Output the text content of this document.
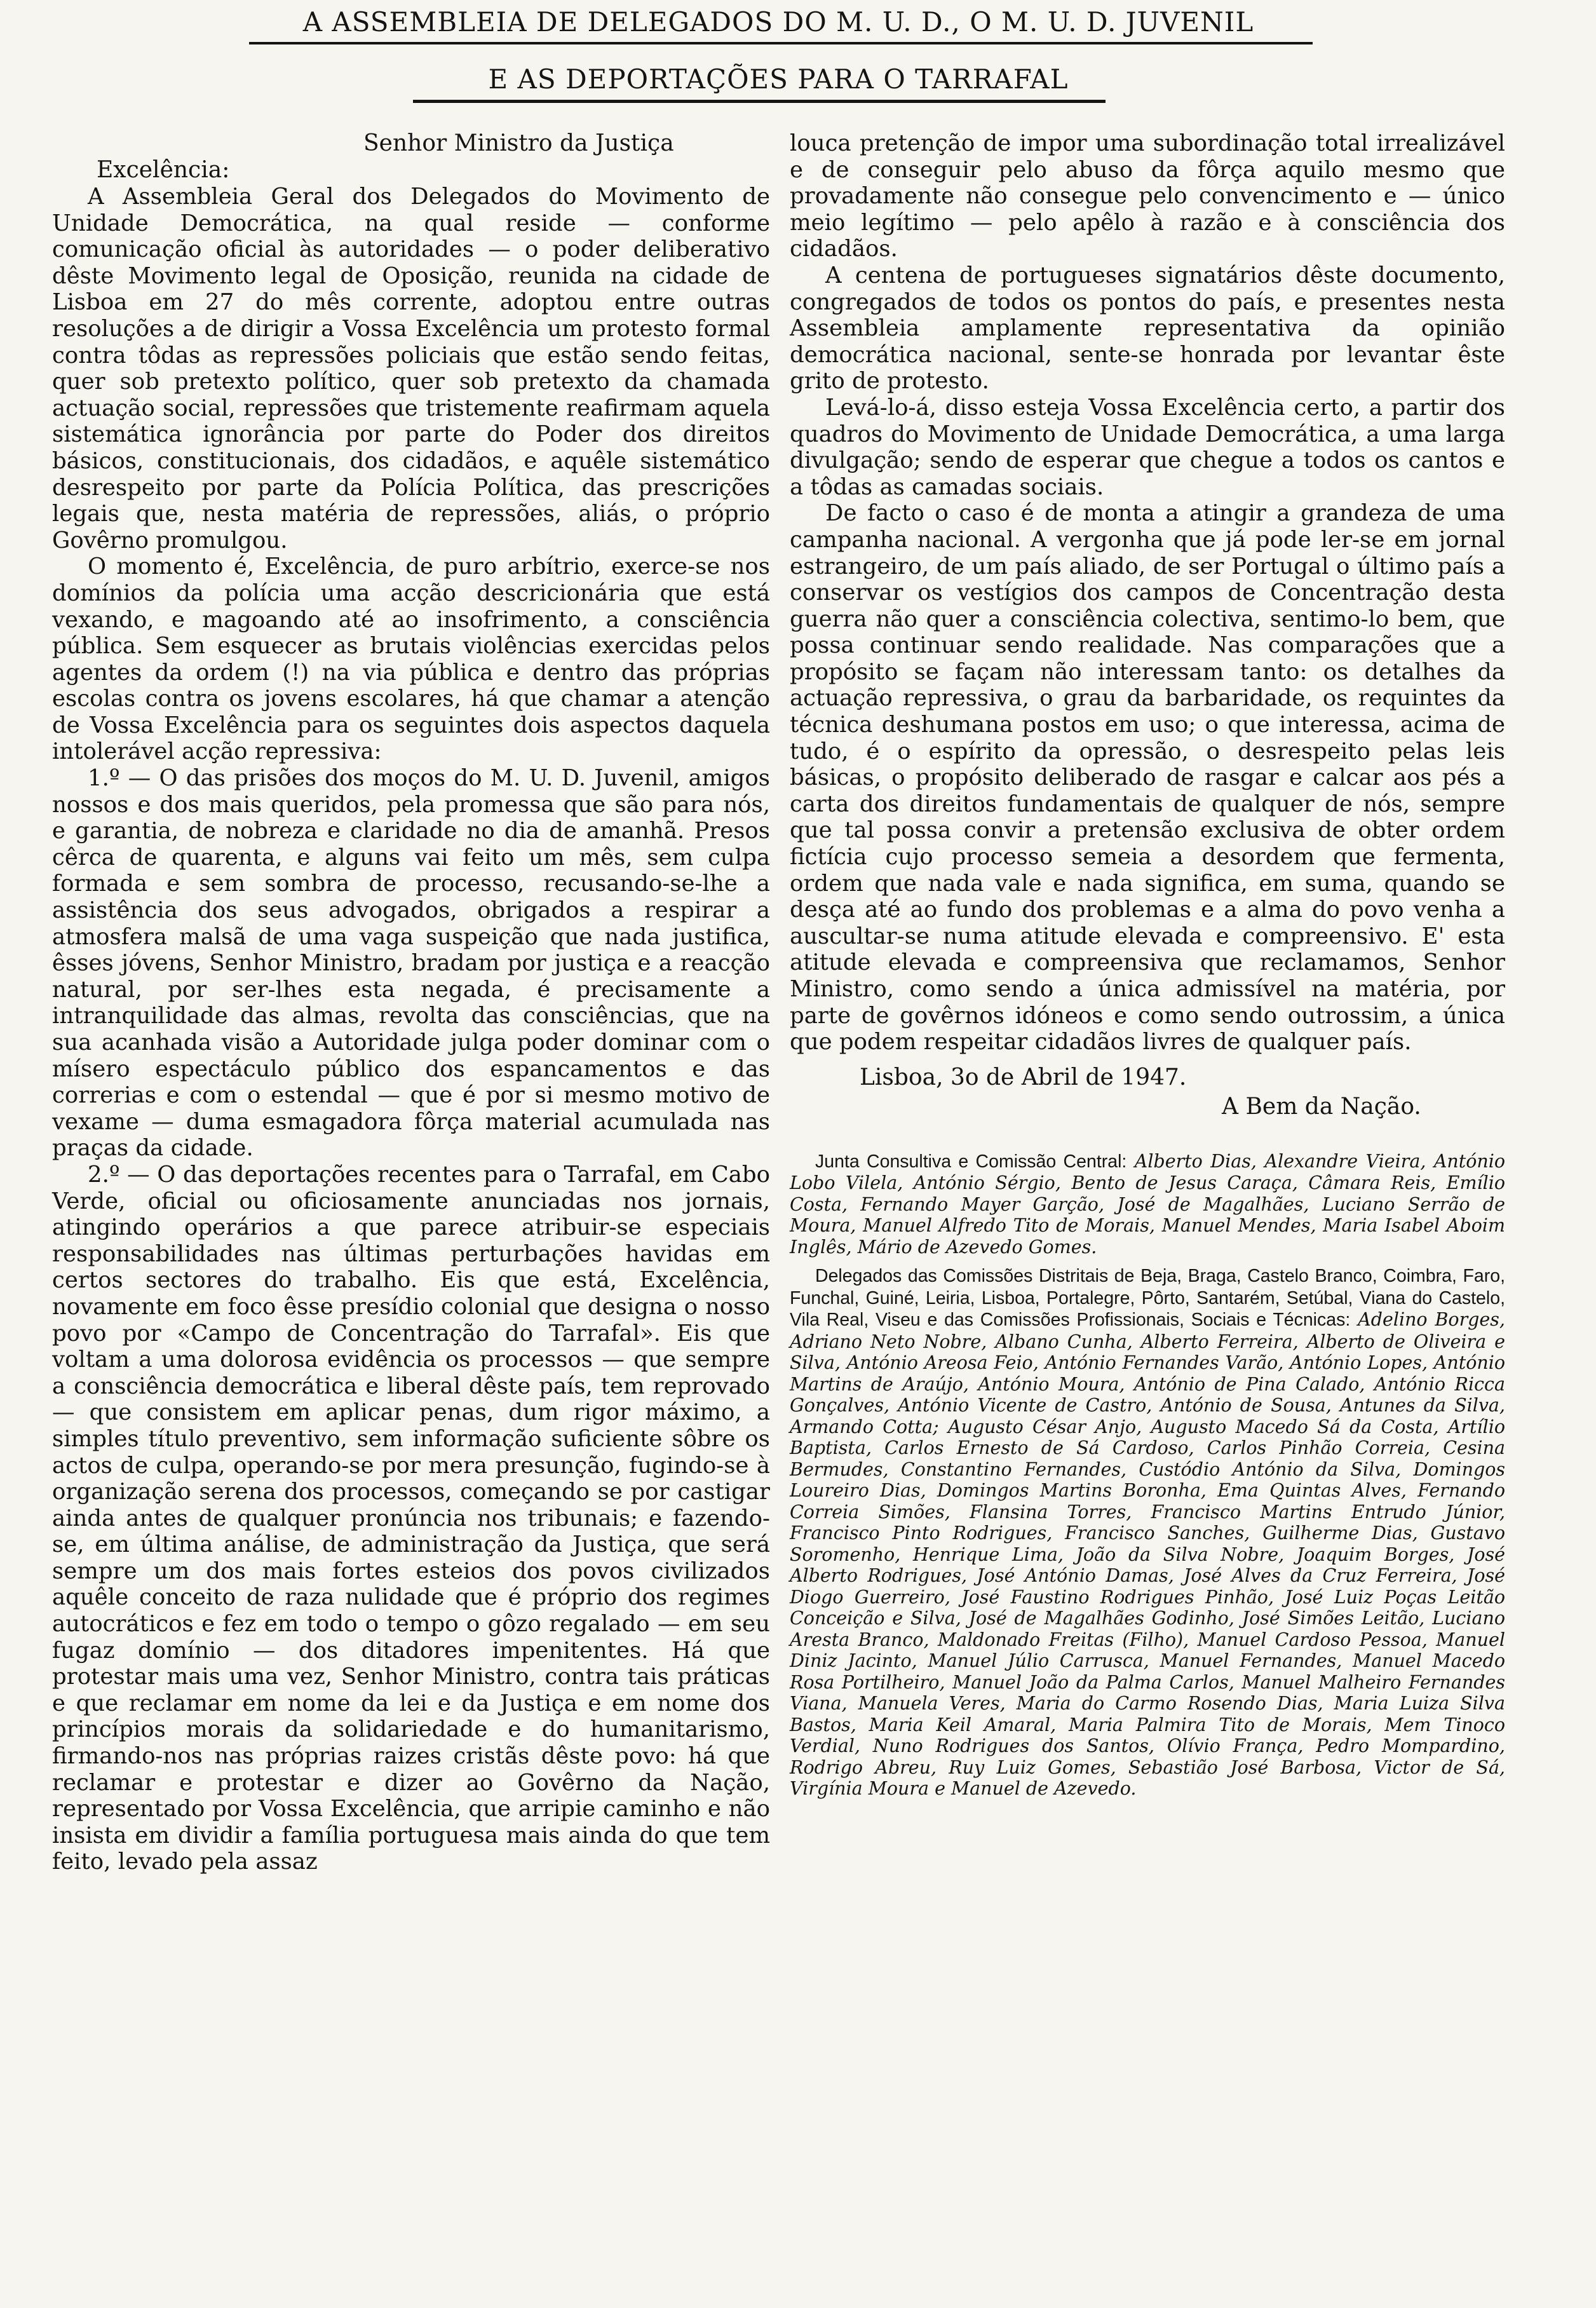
A ASSEMBLEIA DE DELEGADOS DO M. U. D., O M. U. D. JUVENIL
E AS DEPORTAÇÕES PARA O TARRAFAL
Senhor Ministro da Justiça
Excelência:

A Assembleia Geral dos Delegados do Movimento de Unidade Democrática, na qual reside — conforme comunicação oficial às autoridades — o poder deliberativo dêste Movimento legal de Oposição, reunida na cidade de Lisboa em 27 do mês corrente, adoptou entre outras resoluções a de dirigir a Vossa Excelência um protesto formal contra tôdas as repressões policiais que estão sendo feitas, quer sob pretexto político, quer sob pretexto da chamada actuação social, repressões que tristemente reafirmam aquela sistemática ignorância por parte do Poder dos direitos básicos, constitucionais, dos cidadãos, e aquêle sistemático desrespeito por parte da Polícia Política, das prescrições legais que, nesta matéria de repressões, aliás, o próprio Govêrno promulgou.

O momento é, Excelência, de puro arbítrio, exerce-se nos domínios da polícia uma acção descricionária que está vexando, e magoando até ao insofrimento, a consciência pública. Sem esquecer as brutais violências exercidas pelos agentes da ordem (!) na via pública e dentro das próprias escolas contra os jovens escolares, há que chamar a atenção de Vossa Excelência para os seguintes dois aspectos daquela intolerável acção repressiva:

1.º — O das prisões dos moços do M. U. D. Juvenil, amigos nossos e dos mais queridos, pela promessa que são para nós, e garantia, de nobreza e claridade no dia de amanhã. Presos cêrca de quarenta, e alguns vai feito um mês, sem culpa formada e sem sombra de processo, recusando-se-lhe a assistência dos seus advogados, obrigados a respirar a atmosfera malsã de uma vaga suspeição que nada justifica, êsses jóvens, Senhor Ministro, bradam por justiça e a reacção natural, por ser-lhes esta negada, é precisamente a intranquilidade das almas, revolta das consciências, que na sua acanhada visão a Autoridade julga poder dominar com o mísero espectáculo público dos espancamentos e das correrias e com o estendal — que é por si mesmo motivo de vexame — duma esmagadora fôrça material acumulada nas praças da cidade.

2.º — O das deportações recentes para o Tarrafal, em Cabo Verde, oficial ou oficiosamente anunciadas nos jornais, atingindo operários a que parece atribuir-se especiais responsabilidades nas últimas perturbações havidas em certos sectores do trabalho. Eis que está, Excelência, novamente em foco êsse presídio colonial que designa o nosso povo por «Campo de Concentração do Tarrafal». Eis que voltam a uma dolorosa evidência os processos — que sempre a consciência democrática e liberal dêste país, tem reprovado — que consistem em aplicar penas, dum rigor máximo, a simples título preventivo, sem informação suficiente sôbre os actos de culpa, operando-se por mera presunção, fugindo-se à organização serena dos processos, começando se por castigar ainda antes de qualquer pronúncia nos tribunais; e fazendo-se, em última análise, de administração da Justiça, que será sempre um dos mais fortes esteios dos povos civilizados aquêle conceito de raza nulidade que é próprio dos regimes autocráticos e fez em todo o tempo o gôzo regalado — em seu fugaz domínio — dos ditadores impenitentes. Há que protestar mais uma vez, Senhor Ministro, contra tais práticas e que reclamar em nome da lei e da Justiça e em nome dos princípios morais da solidariedade e do humanitarismo, firmando-nos nas próprias raizes cristãs dêste povo: há que reclamar e protestar e dizer ao Govêrno da Nação, representado por Vossa Excelência, que arripie caminho e não insista em dividir a família portuguesa mais ainda do que tem feito, levado pela assaz

louca pretenção de impor uma subordinação total irrealizável e de conseguir pelo abuso da fôrça aquilo mesmo que provadamente não consegue pelo convencimento e — único meio legítimo — pelo apêlo à razão e à consciência dos cidadãos.

A centena de portugueses signatários dêste documento, congregados de todos os pontos do país, e presentes nesta Assembleia amplamente representativa da opinião democrática nacional, sente-se honrada por levantar êste grito de protesto.

Levá-lo-á, disso esteja Vossa Excelência certo, a partir dos quadros do Movimento de Unidade Democrática, a uma larga divulgação; sendo de esperar que chegue a todos os cantos e a tôdas as camadas sociais.

De facto o caso é de monta a atingir a grandeza de uma campanha nacional. A vergonha que já pode ler-se em jornal estrangeiro, de um país aliado, de ser Portugal o último país a conservar os vestígios dos campos de Concentração desta guerra não quer a consciência colectiva, sentimo-lo bem, que possa continuar sendo realidade. Nas comparações que a propósito se façam não interessam tanto: os detalhes da actuação repressiva, o grau da barbaridade, os requintes da técnica deshumana postos em uso; o que interessa, acima de tudo, é o espírito da opressão, o desrespeito pelas leis básicas, o propósito deliberado de rasgar e calcar aos pés a carta dos direitos fundamentais de qualquer de nós, sempre que tal possa convir a pretensão exclusiva de obter ordem fictícia cujo processo semeia a desordem que fermenta, ordem que nada vale e nada significa, em suma, quando se desça até ao fundo dos problemas e a alma do povo venha a auscultar-se numa atitude elevada e compreensivo. E' esta atitude elevada e compreensiva que reclamamos, Senhor Ministro, como sendo a única admissível na matéria, por parte de govêrnos idóneos e como sendo outrossim, a única que podem respeitar cidadãos livres de qualquer país.

Lisboa, 3o de Abril de 1947.
A Bem da Nação.

Junta Consultiva e Comissão Central: Alberto Dias, Alexandre Vieira, António Lobo Vilela, António Sérgio, Bento de Jesus Caraça, Câmara Reis, Emílio Costa, Fernando Mayer Garção, José de Magalhães, Luciano Serrão de Moura, Manuel Alfredo Tito de Morais, Manuel Mendes, Maria Isabel Aboim Inglês, Mário de Azevedo Gomes.

Delegados das Comissões Distritais de Beja, Braga, Castelo Branco, Coimbra, Faro, Funchal, Guiné, Leiria, Lisboa, Portalegre, Pôrto, Santarém, Setúbal, Viana do Castelo, Vila Real, Viseu e das Comissões Profissionais, Sociais e Técnicas: Adelino Borges, Adriano Neto Nobre, Albano Cunha, Alberto Ferreira, Alberto de Oliveira e Silva, António Areosa Feio, António Fernandes Varão, António Lopes, António Martins de Araújo, António Moura, António de Pina Calado, António Ricca Gonçalves, António Vicente de Castro, António de Sousa, Antunes da Silva, Armando Cotta; Augusto César Anjo, Augusto Macedo Sá da Costa, Artílio Baptista, Carlos Ernesto de Sá Cardoso, Carlos Pinhão Correia, Cesina Bermudes, Constantino Fernandes, Custódio António da Silva, Domingos Loureiro Dias, Domingos Martins Boronha, Ema Quintas Alves, Fernando Correia Simões, Flansina Torres, Francisco Martins Entrudo Júnior, Francisco Pinto Rodrigues, Francisco Sanches, Guilherme Dias, Gustavo Soromenho, Henrique Lima, João da Silva Nobre, Joaquim Borges, José Alberto Rodrigues, José António Damas, José Alves da Cruz Ferreira, José Diogo Guerreiro, José Faustino Rodrigues Pinhão, José Luiz Poças Leitão Conceição e Silva, José de Magalhães Godinho, José Simões Leitão, Luciano Aresta Branco, Maldonado Freitas (Filho), Manuel Cardoso Pessoa, Manuel Diniz Jacinto, Manuel Júlio Carrusca, Manuel Fernandes, Manuel Macedo Rosa Portilheiro, Manuel João da Palma Carlos, Manuel Malheiro Fernandes Viana, Manuela Veres, Maria do Carmo Rosendo Dias, Maria Luiza Silva Bastos, Maria Keil Amaral, Maria Palmira Tito de Morais, Mem Tinoco Verdial, Nuno Rodrigues dos Santos, Olívio França, Pedro Mompardino, Rodrigo Abreu, Ruy Luiz Gomes, Sebastião José Barbosa, Victor de Sá, Virgínia Moura e Manuel de Azevedo.
